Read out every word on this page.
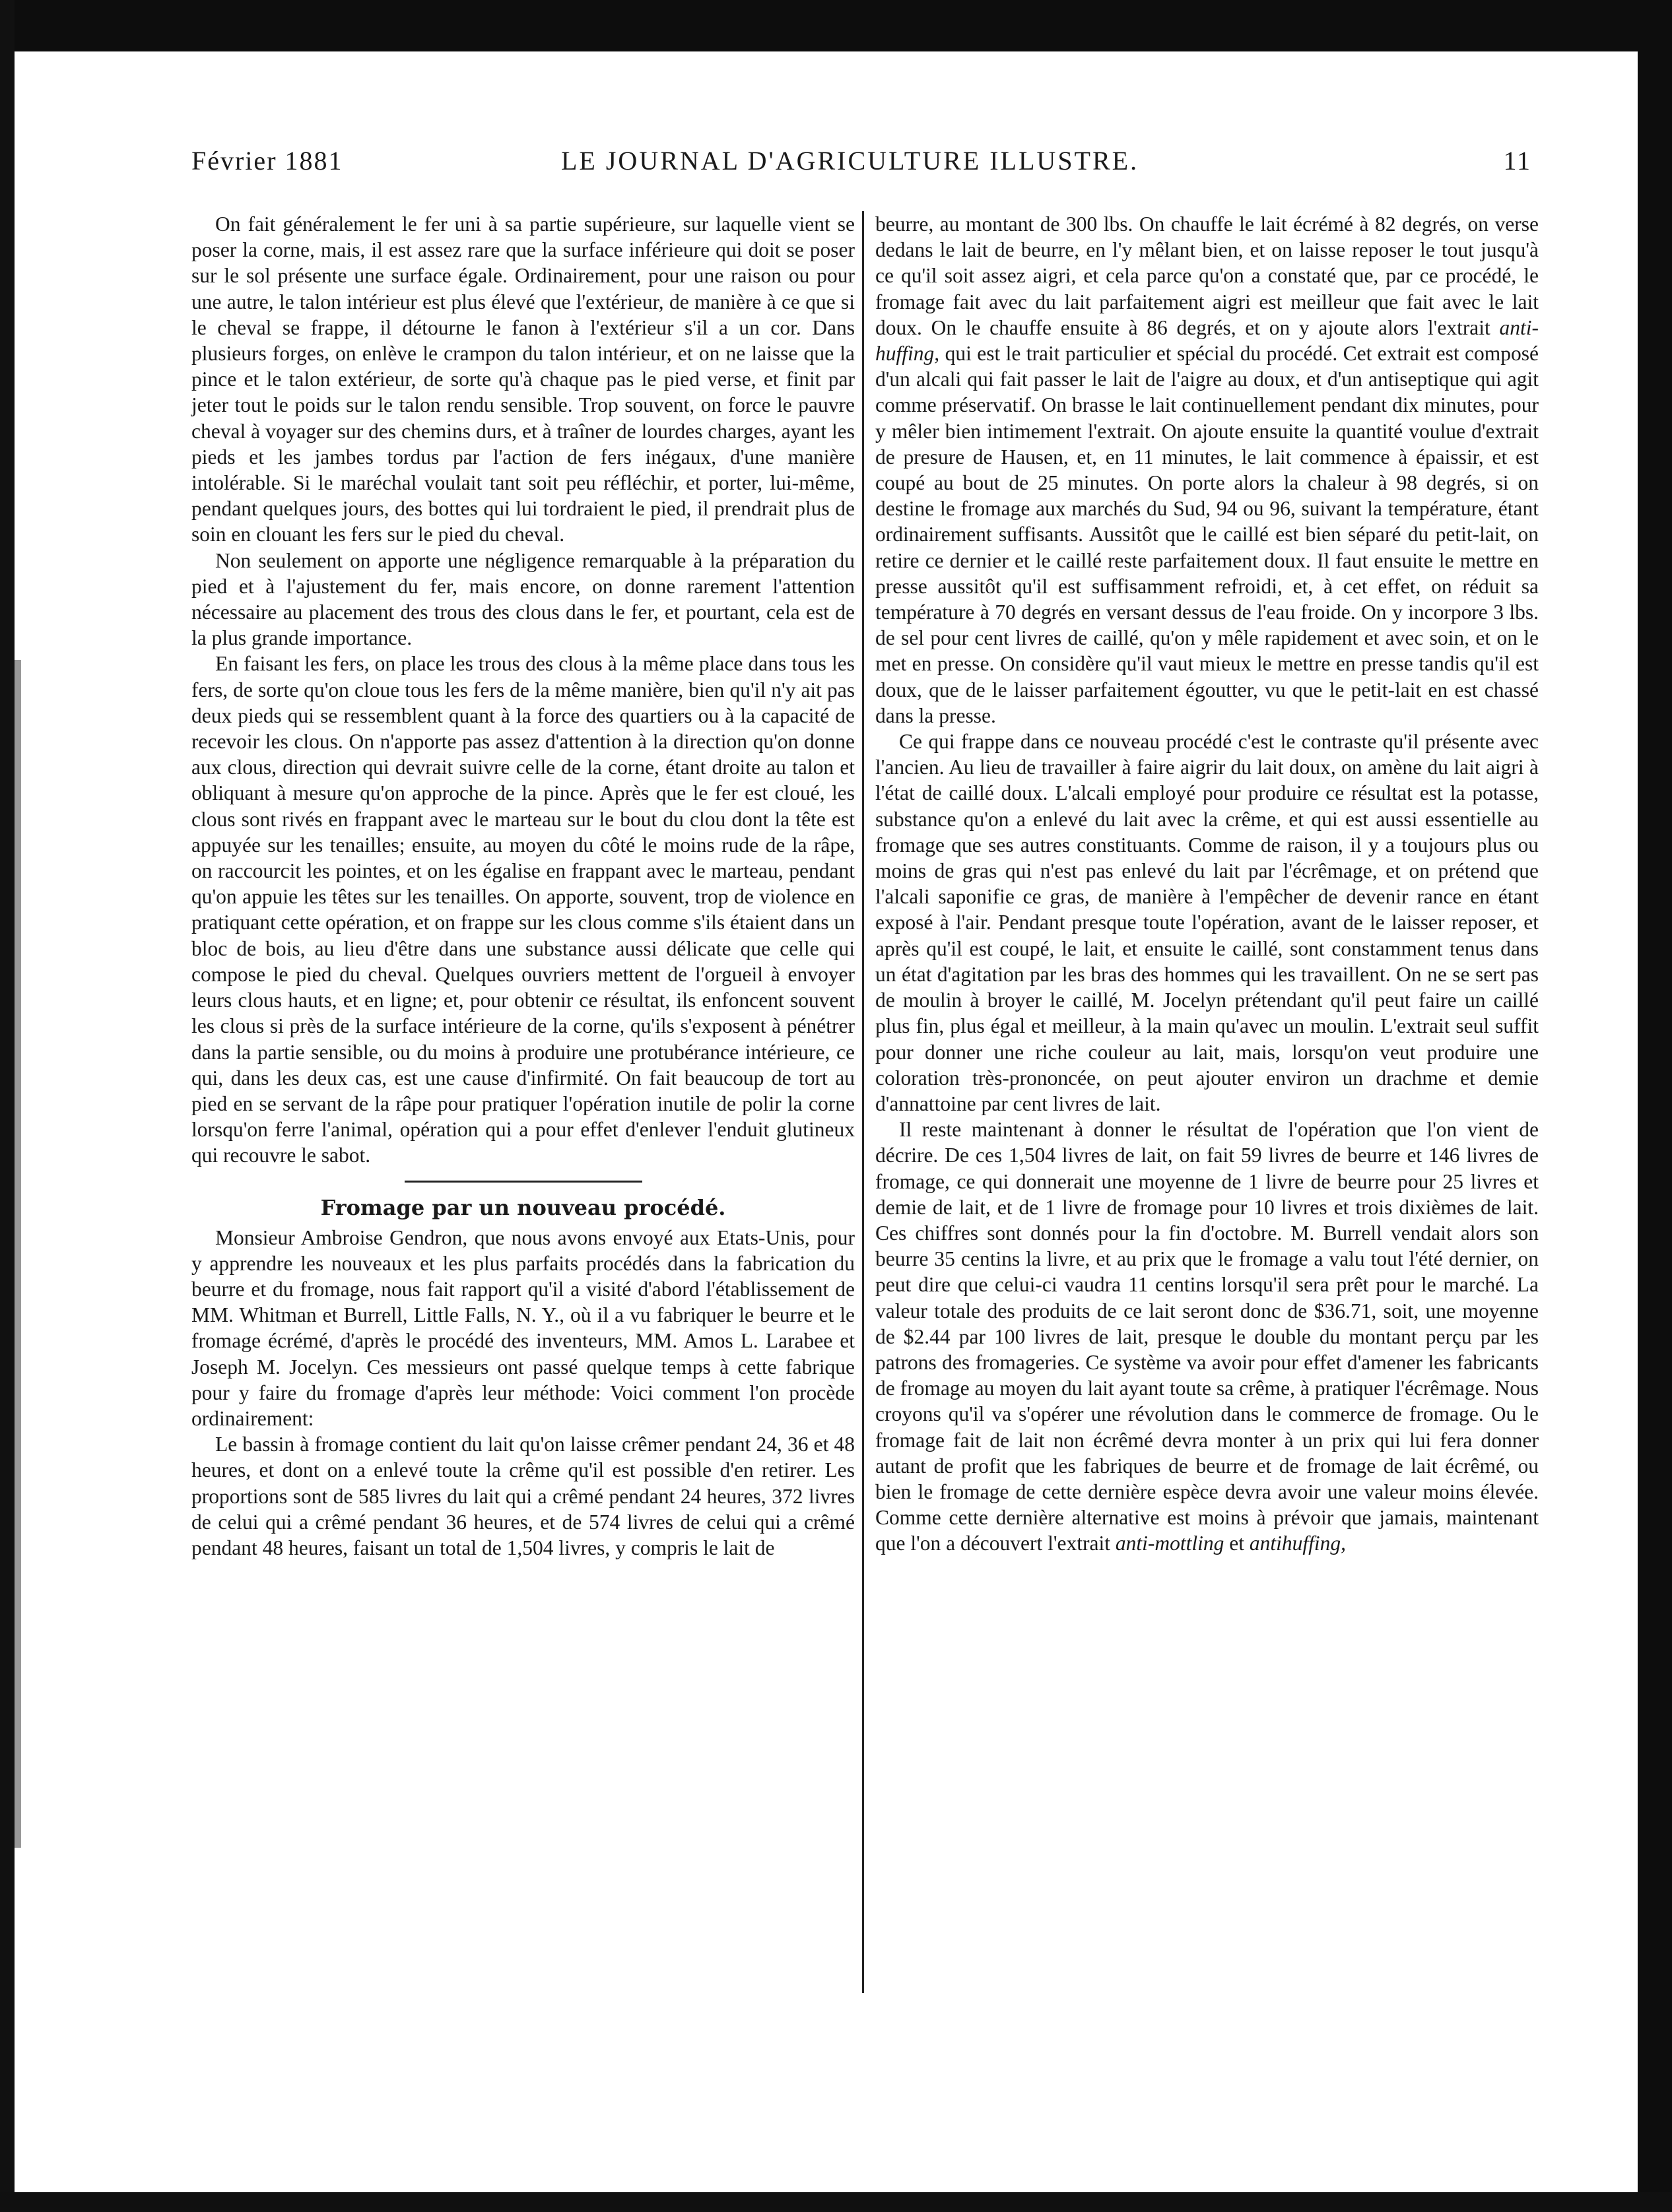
Février 1881	LE JOURNAL D'AGRICULTURE ILLUSTRE.	11

On fait généralement le fer uni à sa partie supérieure, sur laquelle vient se poser la corne, mais, il est assez rare que la surface inférieure qui doit se poser sur le sol présente une surface égale. Ordinairement, pour une raison ou pour une autre, le talon intérieur est plus élevé que l'extérieur, de manière à ce que si le cheval se frappe, il détourne le fanon à l'extérieur s'il a un cor. Dans plusieurs forges, on enlève le crampon du talon intérieur, et on ne laisse que la pince et le talon extérieur, de sorte qu'à chaque pas le pied verse, et finit par jeter tout le poids sur le talon rendu sensible. Trop souvent, on force le pauvre cheval à voyager sur des chemins durs, et à traîner de lourdes charges, ayant les pieds et les jambes tordus par l'action de fers inégaux, d'une manière intolérable. Si le maréchal voulait tant soit peu réfléchir, et porter, lui-même, pendant quelques jours, des bottes qui lui tordraient le pied, il prendrait plus de soin en clouant les fers sur le pied du cheval.

Non seulement on apporte une négligence remarquable à la préparation du pied et à l'ajustement du fer, mais encore, on donne rarement l'attention nécessaire au placement des trous des clous dans le fer, et pourtant, cela est de la plus grande importance.

En faisant les fers, on place les trous des clous à la même place dans tous les fers, de sorte qu'on cloue tous les fers de la même manière, bien qu'il n'y ait pas deux pieds qui se ressemblent quant à la force des quartiers ou à la capacité de recevoir les clous. On n'apporte pas assez d'attention à la direction qu'on donne aux clous, direction qui devrait suivre celle de la corne, étant droite au talon et obliquant à mesure qu'on approche de la pince. Après que le fer est cloué, les clous sont rivés en frappant avec le marteau sur le bout du clou dont la tête est appuyée sur les tenailles; ensuite, au moyen du côté le moins rude de la râpe, on raccourcit les pointes, et on les égalise en frappant avec le marteau, pendant qu'on appuie les têtes sur les tenailles. On apporte, souvent, trop de violence en pratiquant cette opération, et on frappe sur les clous comme s'ils étaient dans un bloc de bois, au lieu d'être dans une substance aussi délicate que celle qui compose le pied du cheval. Quelques ouvriers mettent de l'orgueil à envoyer leurs clous hauts, et en ligne; et, pour obtenir ce résultat, ils enfoncent souvent les clous si près de la surface intérieure de la corne, qu'ils s'exposent à pénétrer dans la partie sensible, ou du moins à produire une protubérance intérieure, ce qui, dans les deux cas, est une cause d'infirmité. On fait beaucoup de tort au pied en se servant de la râpe pour pratiquer l'opération inutile de polir la corne lorsqu'on ferre l'animal, opération qui a pour effet d'enlever l'enduit glutineux qui recouvre le sabot.

Fromage par un nouveau procédé.

Monsieur Ambroise Gendron, que nous avons envoyé aux Etats-Unis, pour y apprendre les nouveaux et les plus parfaits procédés dans la fabrication du beurre et du fromage, nous fait rapport qu'il a visité d'abord l'établissement de MM. Whitman et Burrell, Little Falls, N. Y., où il a vu fabriquer le beurre et le fromage écrémé, d'après le procédé des inventeurs, MM. Amos L. Larabee et Joseph M. Jocelyn. Ces messieurs ont passé quelque temps à cette fabrique pour y faire du fromage d'après leur méthode: Voici comment l'on procède ordinairement:

Le bassin à fromage contient du lait qu'on laisse crêmer pendant 24, 36 et 48 heures, et dont on a enlevé toute la crême qu'il est possible d'en retirer. Les proportions sont de 585 livres du lait qui a crêmé pendant 24 heures, 372 livres de celui qui a crêmé pendant 36 heures, et de 574 livres de celui qui a crêmé pendant 48 heures, faisant un total de 1,504 livres, y compris le lait de

beurre, au montant de 300 lbs. On chauffe le lait écrémé à 82 degrés, on verse dedans le lait de beurre, en l'y mêlant bien, et on laisse reposer le tout jusqu'à ce qu'il soit assez aigri, et cela parce qu'on a constaté que, par ce procédé, le fromage fait avec du lait parfaitement aigri est meilleur que fait avec le lait doux. On le chauffe ensuite à 86 degrés, et on y ajoute alors l'extrait anti-huffing, qui est le trait particulier et spécial du procédé. Cet extrait est composé d'un alcali qui fait passer le lait de l'aigre au doux, et d'un antiseptique qui agit comme préservatif. On brasse le lait continuellement pendant dix minutes, pour y mêler bien intimement l'extrait. On ajoute ensuite la quantité voulue d'extrait de presure de Hausen, et, en 11 minutes, le lait commence à épaissir, et est coupé au bout de 25 minutes. On porte alors la chaleur à 98 degrés, si on destine le fromage aux marchés du Sud, 94 ou 96, suivant la température, étant ordinairement suffisants. Aussitôt que le caillé est bien séparé du petit-lait, on retire ce dernier et le caillé reste parfaitement doux. Il faut ensuite le mettre en presse aussitôt qu'il est suffisamment refroidi, et, à cet effet, on réduit sa température à 70 degrés en versant dessus de l'eau froide. On y incorpore 3 lbs. de sel pour cent livres de caillé, qu'on y mêle rapidement et avec soin, et on le met en presse. On considère qu'il vaut mieux le mettre en presse tandis qu'il est doux, que de le laisser parfaitement égoutter, vu que le petit-lait en est chassé dans la presse.

Ce qui frappe dans ce nouveau procédé c'est le contraste qu'il présente avec l'ancien. Au lieu de travailler à faire aigrir du lait doux, on amène du lait aigri à l'état de caillé doux. L'alcali employé pour produire ce résultat est la potasse, substance qu'on a enlevé du lait avec la crême, et qui est aussi essentielle au fromage que ses autres constituants. Comme de raison, il y a toujours plus ou moins de gras qui n'est pas enlevé du lait par l'écrêmage, et on prétend que l'alcali saponifie ce gras, de manière à l'empêcher de devenir rance en étant exposé à l'air. Pendant presque toute l'opération, avant de le laisser reposer, et après qu'il est coupé, le lait, et ensuite le caillé, sont constamment tenus dans un état d'agitation par les bras des hommes qui les travaillent. On ne se sert pas de moulin à broyer le caillé, M. Jocelyn prétendant qu'il peut faire un caillé plus fin, plus égal et meilleur, à la main qu'avec un moulin. L'extrait seul suffit pour donner une riche couleur au lait, mais, lorsqu'on veut produire une coloration très-prononcée, on peut ajouter environ un drachme et demie d'annattoine par cent livres de lait.

Il reste maintenant à donner le résultat de l'opération que l'on vient de décrire. De ces 1,504 livres de lait, on fait 59 livres de beurre et 146 livres de fromage, ce qui donnerait une moyenne de 1 livre de beurre pour 25 livres et demie de lait, et de 1 livre de fromage pour 10 livres et trois dixièmes de lait. Ces chiffres sont donnés pour la fin d'octobre. M. Burrell vendait alors son beurre 35 centins la livre, et au prix que le fromage a valu tout l'été dernier, on peut dire que celui-ci vaudra 11 centins lorsqu'il sera prêt pour le marché. La valeur totale des produits de ce lait seront donc de $36.71, soit, une moyenne de $2.44 par 100 livres de lait, presque le double du montant perçu par les patrons des fromageries. Ce système va avoir pour effet d'amener les fabricants de fromage au moyen du lait ayant toute sa crême, à pratiquer l'écrêmage. Nous croyons qu'il va s'opérer une révolution dans le commerce de fromage. Ou le fromage fait de lait non écrêmé devra monter à un prix qui lui fera donner autant de profit que les fabriques de beurre et de fromage de lait écrêmé, ou bien le fromage de cette dernière espèce devra avoir une valeur moins élevée. Comme cette dernière alternative est moins à prévoir que jamais, maintenant que l'on a découvert l'extrait anti-mottling et antihuffing,
